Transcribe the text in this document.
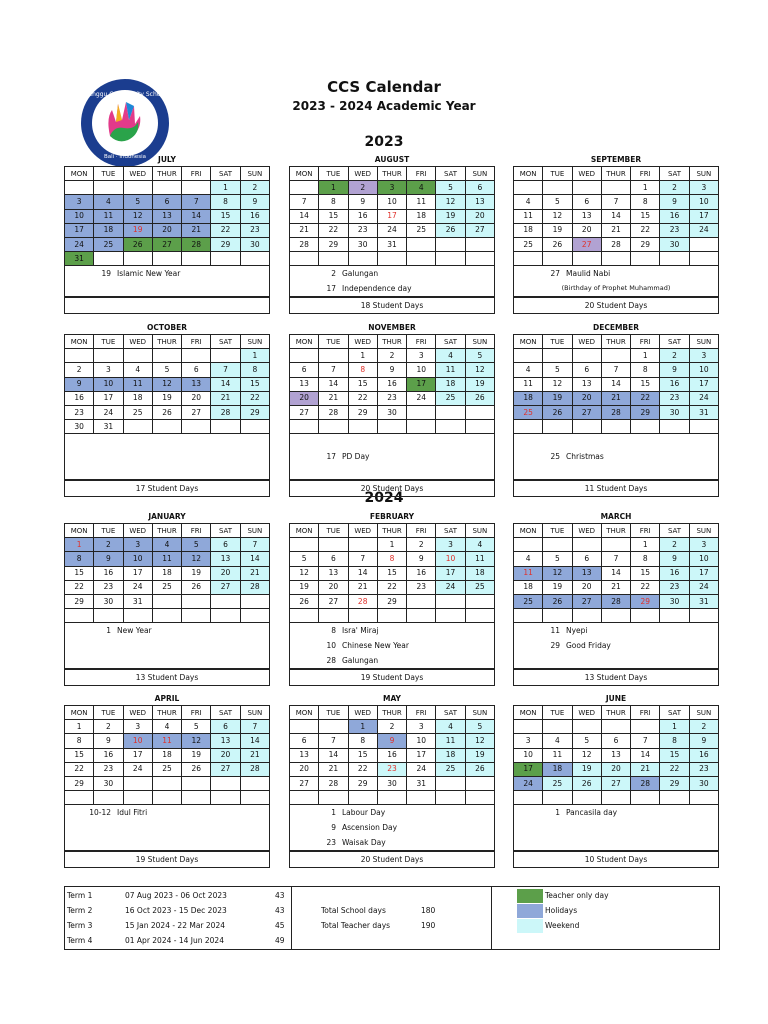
Canggu Community School
Bali · Indonesia
CCS Calendar
2023 - 2024 Academic Year
2023
2024
JULY
MON	TUE	WED	THUR	FRI	SAT	SUN
					1	2
3	4	5	6	7	8	9
10	11	12	13	14	15	16
17	18	19	20	21	22	23
24	25	26	27	28	29	30
31						
19 Islamic New Year
AUGUST
MON	TUE	WED	THUR	FRI	SAT	SUN
	1	2	3	4	5	6
7	8	9	10	11	12	13
14	15	16	17	18	19	20
21	22	23	24	25	26	27
28	29	30	31			

2 Galungan
17 Independence day
18 Student Days
SEPTEMBER
MON	TUE	WED	THUR	FRI	SAT	SUN
				1	2	3
4	5	6	7	8	9	10
11	12	13	14	15	16	17
18	19	20	21	22	23	24
25	26	27	28	29	30	

27 Maulid Nabi
(Birthday of Prophet Muhammad)
20 Student Days
OCTOBER
MON	TUE	WED	THUR	FRI	SAT	SUN
						1
2	3	4	5	6	7	8
9	10	11	12	13	14	15
16	17	18	19	20	21	22
23	24	25	26	27	28	29
30	31					
17 Student Days
NOVEMBER
MON	TUE	WED	THUR	FRI	SAT	SUN
		1	2	3	4	5
6	7	8	9	10	11	12
13	14	15	16	17	18	19
20	21	22	23	24	25	26
27	28	29	30			

17 PD Day
20 Student Days
DECEMBER
MON	TUE	WED	THUR	FRI	SAT	SUN
				1	2	3
4	5	6	7	8	9	10
11	12	13	14	15	16	17
18	19	20	21	22	23	24
25	26	27	28	29	30	31

25 Christmas
11 Student Days
JANUARY
MON	TUE	WED	THUR	FRI	SAT	SUN
1	2	3	4	5	6	7
8	9	10	11	12	13	14
15	16	17	18	19	20	21
22	23	24	25	26	27	28
29	30	31				

1 New Year
13 Student Days
FEBRUARY
MON	TUE	WED	THUR	FRI	SAT	SUN
			1	2	3	4
5	6	7	8	9	10	11
12	13	14	15	16	17	18
19	20	21	22	23	24	25
26	27	28	29			

8 Isra' Miraj
10 Chinese New Year
28 Galungan
19 Student Days
MARCH
MON	TUE	WED	THUR	FRI	SAT	SUN
				1	2	3
4	5	6	7	8	9	10
11	12	13	14	15	16	17
18	19	20	21	22	23	24
25	26	27	28	29	30	31

11 Nyepi
29 Good Friday
13 Student Days
APRIL
MON	TUE	WED	THUR	FRI	SAT	SUN
1	2	3	4	5	6	7
8	9	10	11	12	13	14
15	16	17	18	19	20	21
22	23	24	25	26	27	28
29	30					

10-12 Idul Fitri
19 Student Days
MAY
MON	TUE	WED	THUR	FRI	SAT	SUN
		1	2	3	4	5
6	7	8	9	10	11	12
13	14	15	16	17	18	19
20	21	22	23	24	25	26
27	28	29	30	31		

1 Labour Day
9 Ascension Day
23 Waisak Day
20 Student Days
JUNE
MON	TUE	WED	THUR	FRI	SAT	SUN
					1	2
3	4	5	6	7	8	9
10	11	12	13	14	15	16
17	18	19	20	21	22	23
24	25	26	27	28	29	30

1 Pancasila day
10 Student Days
Term 1	07 Aug 2023 - 06 Oct 2023	43
Term 2	16 Oct 2023 - 15 Dec 2023	43
Term 3	15 Jan 2024 - 22 Mar 2024	45
Term 4	01 Apr 2024 - 14 Jun 2024	49
Total School days	180
Total Teacher days	190
Teacher only day
Holidays
Weekend
